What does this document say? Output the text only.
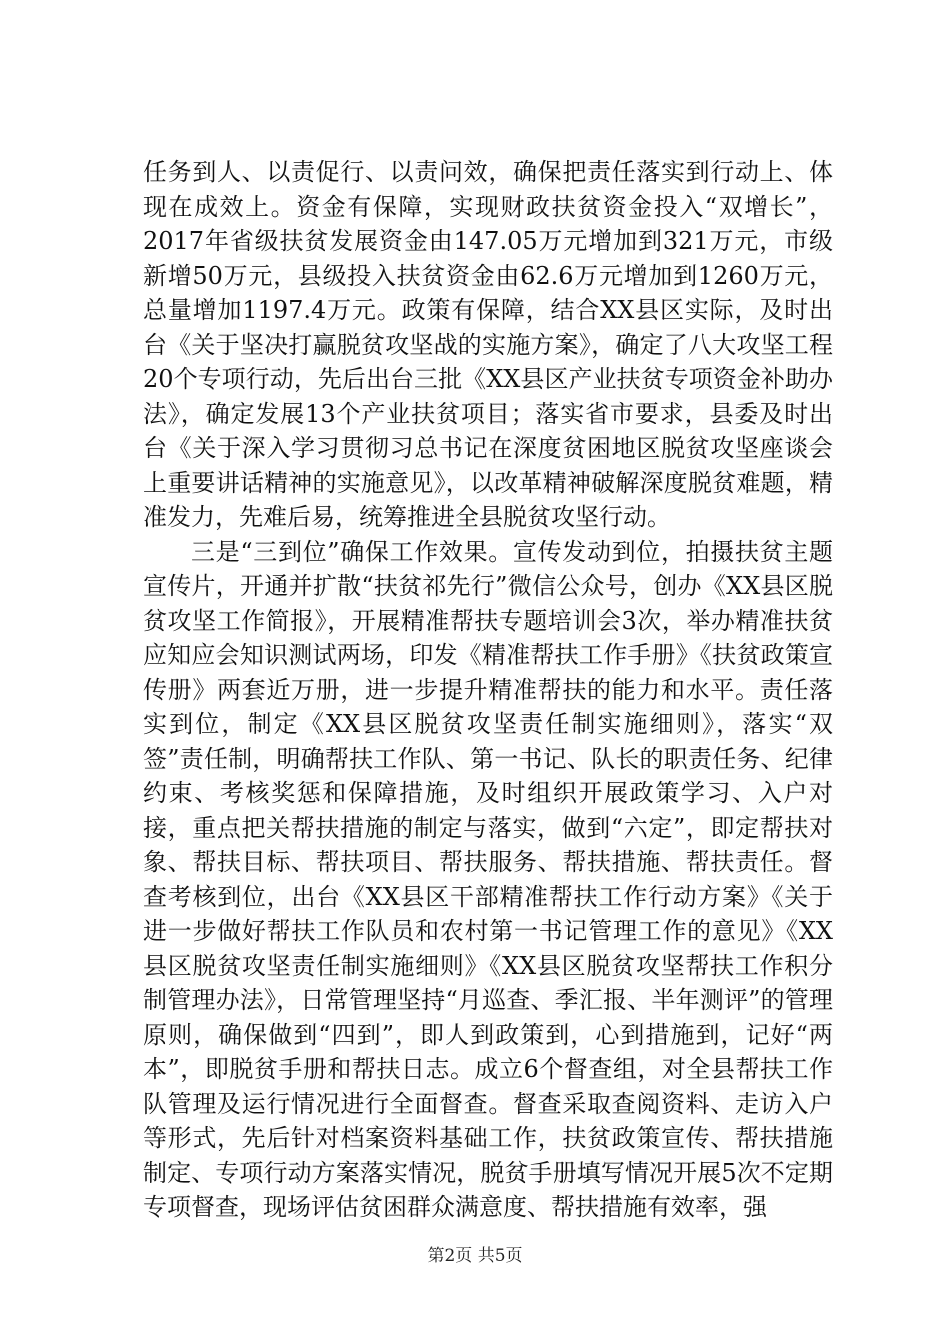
任务到人、以责促行、以责问效，确保把责任落实到行动上、体现在成效上。资金有保障，实现财政扶贫资金投入“双增长”，2017年省级扶贫发展资金由147.05万元增加到321万元，市级新增50万元，县级投入扶贫资金由62.6万元增加到1260万元，总量增加1197.4万元。政策有保障，结合XX县区实际，及时出台《关于坚决打赢脱贫攻坚战的实施方案》，确定了八大攻坚工程20个专项行动，先后出台三批《XX县区产业扶贫专项资金补助办法》，确定发展13个产业扶贫项目；落实省市要求，县委及时出台《关于深入学习贯彻习总书记在深度贫困地区脱贫攻坚座谈会上重要讲话精神的实施意见》，以改革精神破解深度脱贫难题，精准发力，先难后易，统筹推进全县脱贫攻坚行动。

三是“三到位”确保工作效果。宣传发动到位，拍摄扶贫主题宣传片，开通并扩散“扶贫祁先行”微信公众号，创办《XX县区脱贫攻坚工作简报》，开展精准帮扶专题培训会3次，举办精准扶贫应知应会知识测试两场，印发《精准帮扶工作手册》《扶贫政策宣传册》两套近万册，进一步提升精准帮扶的能力和水平。责任落实到位，制定《XX县区脱贫攻坚责任制实施细则》，落实“双签”责任制，明确帮扶工作队、第一书记、队长的职责任务、纪律约束、考核奖惩和保障措施，及时组织开展政策学习、入户对接，重点把关帮扶措施的制定与落实，做到“六定”，即定帮扶对象、帮扶目标、帮扶项目、帮扶服务、帮扶措施、帮扶责任。督查考核到位，出台《XX县区干部精准帮扶工作行动方案》《关于进一步做好帮扶工作队员和农村第一书记管理工作的意见》《XX县区脱贫攻坚责任制实施细则》《XX县区脱贫攻坚帮扶工作积分制管理办法》，日常管理坚持“月巡查、季汇报、半年测评”的管理原则，确保做到“四到”，即人到政策到，心到措施到，记好“两本”，即脱贫手册和帮扶日志。成立6个督查组，对全县帮扶工作队管理及运行情况进行全面督查。督查采取查阅资料、走访入户等形式，先后针对档案资料基础工作，扶贫政策宣传、帮扶措施制定、专项行动方案落实情况，脱贫手册填写情况开展5次不定期专项督查，现场评估贫困群众满意度、帮扶措施有效率，强

第2页 共5页
